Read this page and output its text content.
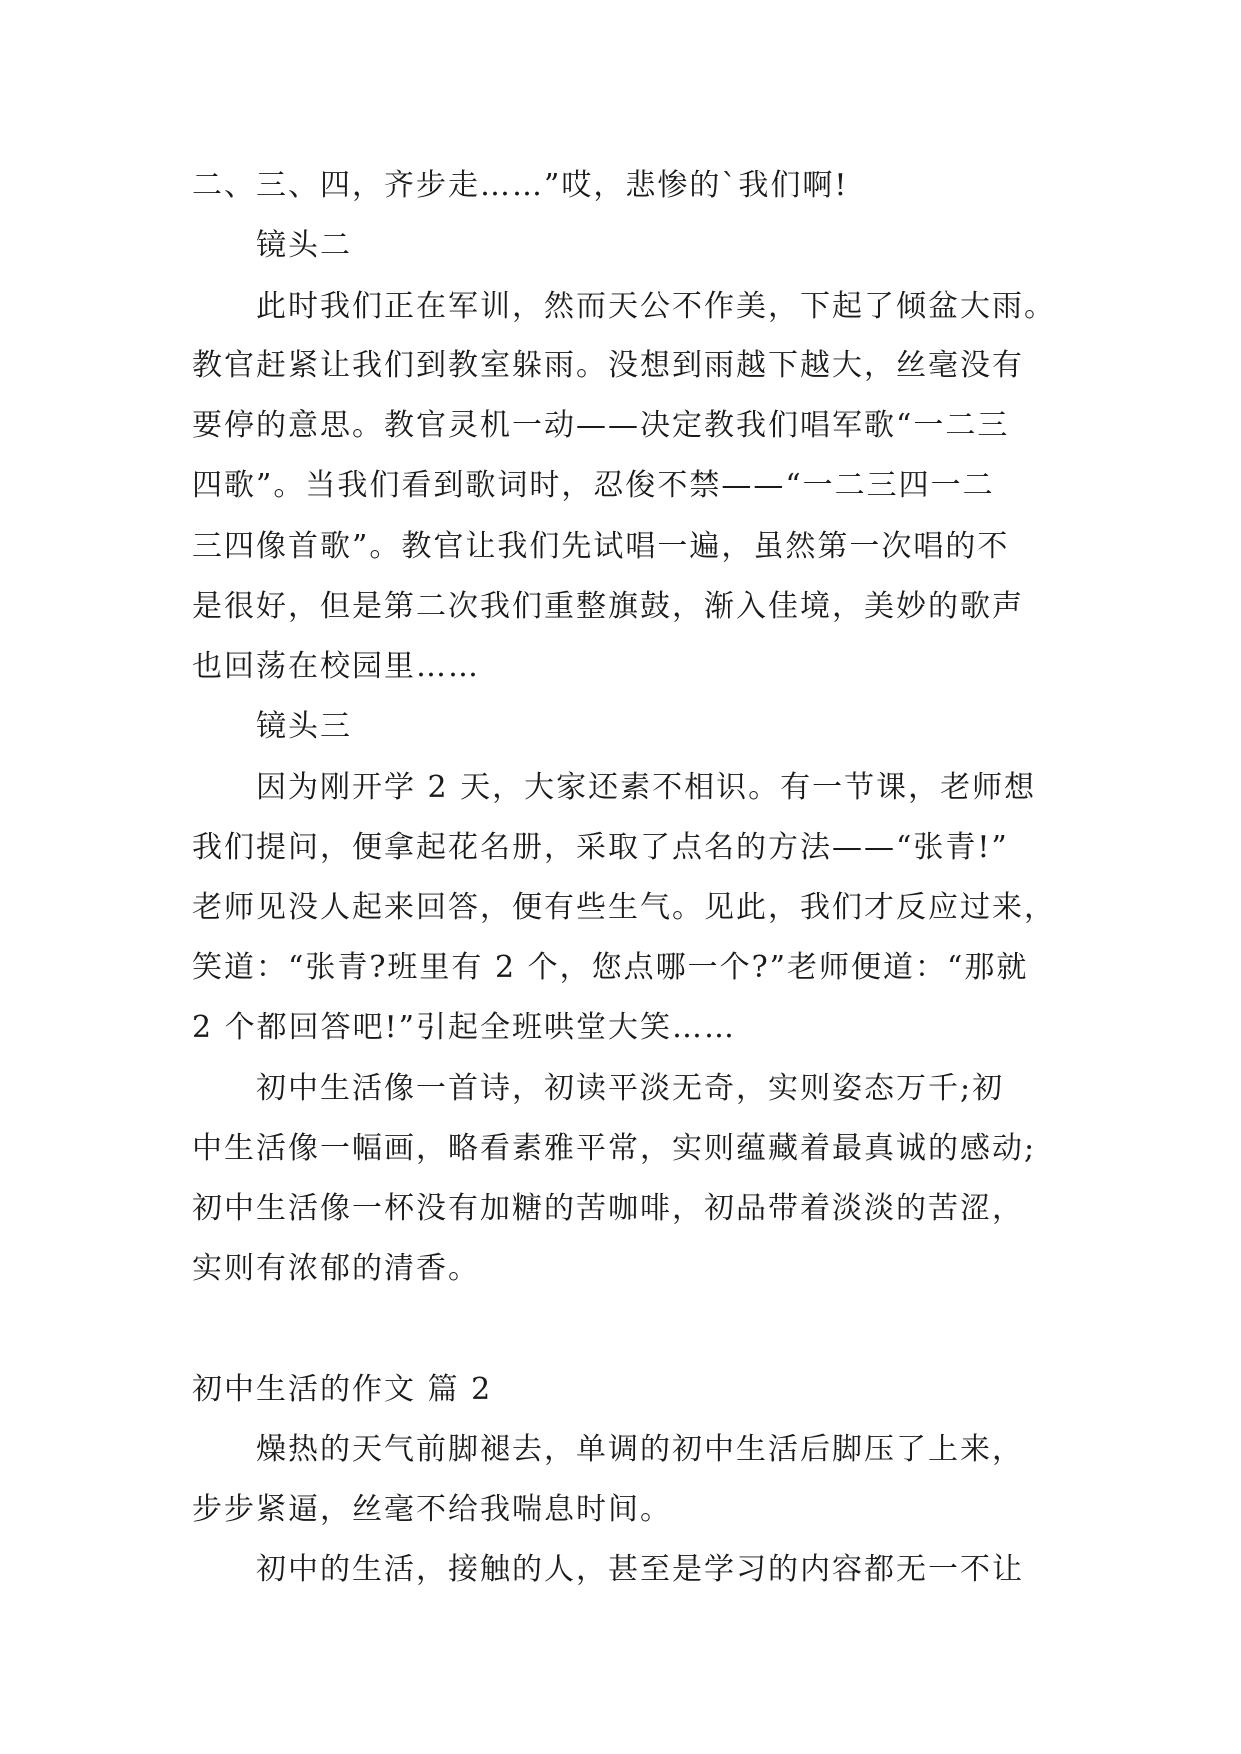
二、三、四，齐步走……”哎，悲惨的`我们啊!
镜头二
此时我们正在军训，然而天公不作美，下起了倾盆大雨。
教官赶紧让我们到教室躲雨。没想到雨越下越大，丝毫没有
要停的意思。教官灵机一动——决定教我们唱军歌“一二三
四歌”。当我们看到歌词时，忍俊不禁——“一二三四一二
三四像首歌”。教官让我们先试唱一遍，虽然第一次唱的不
是很好，但是第二次我们重整旗鼓，渐入佳境，美妙的歌声
也回荡在校园里……
镜头三
因为刚开学 2 天，大家还素不相识。有一节课，老师想
我们提问，便拿起花名册，采取了点名的方法——“张青!”
老师见没人起来回答，便有些生气。见此，我们才反应过来，
笑道：“张青?班里有 2 个，您点哪一个?”老师便道：“那就
2 个都回答吧!”引起全班哄堂大笑……
初中生活像一首诗，初读平淡无奇，实则姿态万千;初
中生活像一幅画，略看素雅平常，实则蕴藏着最真诚的感动;
初中生活像一杯没有加糖的苦咖啡，初品带着淡淡的苦涩，
实则有浓郁的清香。
初中生活的作文 篇 2
燥热的天气前脚褪去，单调的初中生活后脚压了上来，
步步紧逼，丝毫不给我喘息时间。
初中的生活，接触的人，甚至是学习的内容都无一不让
